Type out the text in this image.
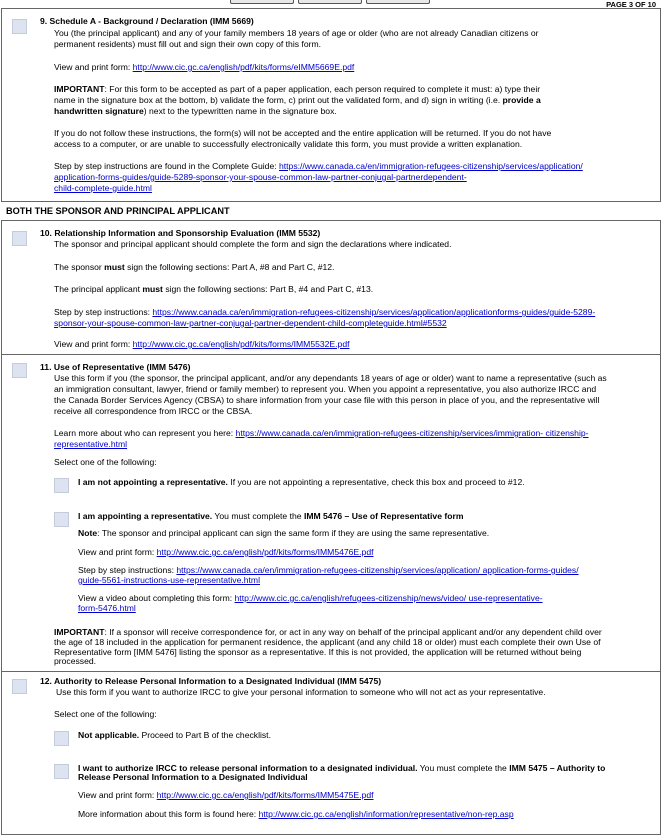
PAGE 3 OF 10
9. Schedule A - Background / Declaration (IMM 5669)
You (the principal applicant) and any of your family members 18 years of age or older (who are not already Canadian citizens or
permanent residents) must fill out and sign their own copy of this form.
View and print form: http://www.cic.gc.ca/english/pdf/kits/forms/eIMM5669E.pdf
IMPORTANT: For this form to be accepted as part of a paper application, each person required to complete it must: a) type their
name in the signature box at the bottom, b) validate the form, c) print out the validated form, and d) sign in writing (i.e. provide a
handwritten signature) next to the typewritten name in the signature box.
If you do not follow these instructions, the form(s) will not be accepted and the entire application will be returned. If you do not have
access to a computer, or are unable to successfully electronically validate this form, you must provide a written explanation.
Step by step instructions are found in the Complete Guide: https://www.canada.ca/en/immigration-refugees-citizenship/services/application/
application-forms-guides/guide-5289-sponsor-your-spouse-common-law-partner-conjugal-partnerdependent-
child-complete-guide.html
BOTH THE SPONSOR AND PRINCIPAL APPLICANT
10. Relationship Information and Sponsorship Evaluation (IMM 5532)
The sponsor and principal applicant should complete the form and sign the declarations where indicated.
The sponsor must sign the following sections: Part A, #8 and Part C, #12.
The principal applicant must sign the following sections: Part B, #4 and Part C, #13.
Step by step instructions: https://www.canada.ca/en/immigration-refugees-citizenship/services/application/applicationforms-guides/guide-5289-
sponsor-your-spouse-common-law-partner-conjugal-partner-dependent-child-completeguide.html#5532
View and print form: http://www.cic.gc.ca/english/pdf/kits/forms/IMM5532E.pdf
11. Use of Representative (IMM 5476)
Use this form if you (the sponsor, the principal applicant, and/or any dependants 18 years of age or older) want to name a representative (such as
an immigration consultant, lawyer, friend or family member) to represent you. When you appoint a representative, you also authorize IRCC and
the Canada Border Services Agency (CBSA) to share information from your case file with this person in place of you, and the representative will
receive all correspondence from IRCC or the CBSA.
Learn more about who can represent you here: https://www.canada.ca/en/immigration-refugees-citizenship/services/immigration- citizenship-
representative.html
Select one of the following:
I am not appointing a representative. If you are not appointing a representative, check this box and proceed to #12.
I am appointing a representative. You must complete the IMM 5476 – Use of Representative form
Note: The sponsor and principal applicant can sign the same form if they are using the same representative.
View and print form: http://www.cic.gc.ca/english/pdf/kits/forms/IMM5476E.pdf
Step by step instructions: https://www.canada.ca/en/immigration-refugees-citizenship/services/application/ application-forms-guides/
guide-5561-instructions-use-representative.html
View a video about completing this form: http://www.cic.gc.ca/english/refugees-citizenship/news/video/ use-representative-
form-5476.html
IMPORTANT: If a sponsor will receive correspondence for, or act in any way on behalf of the principal applicant and/or any dependent child over
the age of 18 included in the application for permanent residence, the applicant (and any child 18 or older) must each complete their own Use of
Representative form [IMM 5476] listing the sponsor as a representative. If this is not provided, the application will be returned without being
processed.
12. Authority to Release Personal Information to a Designated Individual (IMM 5475)
Use this form if you want to authorize IRCC to give your personal information to someone who will not act as your representative.
Select one of the following:
Not applicable. Proceed to Part B of the checklist.
I want to authorize IRCC to release personal information to a designated individual. You must complete the IMM 5475 – Authority to
Release Personal Information to a Designated Individual
View and print form: http://www.cic.gc.ca/english/pdf/kits/forms/IMM5475E.pdf
More information about this form is found here: http://www.cic.gc.ca/english/information/representative/non-rep.asp
